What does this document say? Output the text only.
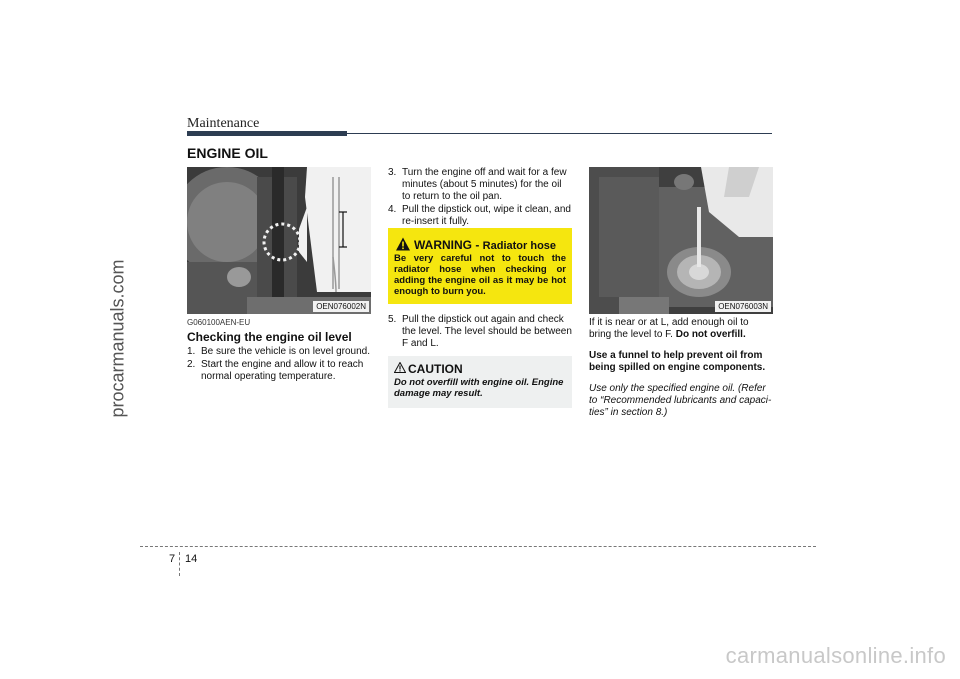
procarmanuals.com
carmanualsonline.info
Maintenance
ENGINE OIL
OEN076002N
G060100AEN-EU
Checking the engine oil level
1. Be sure the vehicle is on level ground.
2. Start the engine and allow it to reach normal operating temperature.
3. Turn the engine off and wait for a few minutes (about 5 minutes) for the oil to return to the oil pan.
4. Pull the dipstick out, wipe it clean, and re-insert it fully.
WARNING - Radiator hose
Be very careful not to touch the radiator hose when checking or adding the engine oil as it may be hot enough to burn you.
5. Pull the dipstick out again and check the level. The level should be between F and L.
CAUTION
Do not overfill with engine oil. Engine damage may result.
OEN076003N

If it is near or at L, add enough oil to bring the level to F. Do not overfill.

Use a funnel to help prevent oil from being spilled on engine components.

Use only the specified engine oil. (Refer to “Recommended lubricants and capaci-ties” in section 8.)

7 14
